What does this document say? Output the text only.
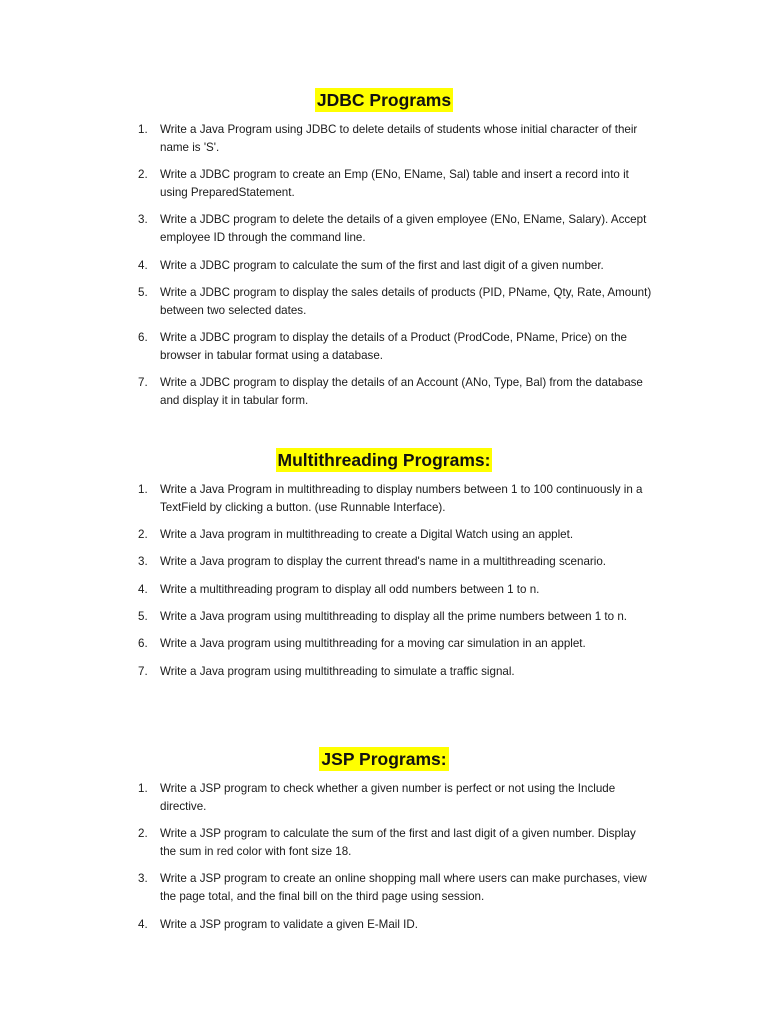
JDBC Programs
1.	Write a Java Program using JDBC to delete details of students whose initial character of their name is 'S'.
2.	Write a JDBC program to create an Emp (ENo, EName, Sal) table and insert a record into it using PreparedStatement.
3.	Write a JDBC program to delete the details of a given employee (ENo, EName, Salary). Accept employee ID through the command line.
4.	Write a JDBC program to calculate the sum of the first and last digit of a given number.
5.	Write a JDBC program to display the sales details of products (PID, PName, Qty, Rate, Amount) between two selected dates.
6.	Write a JDBC program to display the details of a Product (ProdCode, PName, Price) on the browser in tabular format using a database.
7.	Write a JDBC program to display the details of an Account (ANo, Type, Bal) from the database and display it in tabular form.
Multithreading Programs:
1.	Write a Java Program in multithreading to display numbers between 1 to 100 continuously in a TextField by clicking a button. (use Runnable Interface).
2.	Write a Java program in multithreading to create a Digital Watch using an applet.
3.	Write a Java program to display the current thread's name in a multithreading scenario.
4.	Write a multithreading program to display all odd numbers between 1 to n.
5.	Write a Java program using multithreading to display all the prime numbers between 1 to n.
6.	Write a Java program using multithreading for a moving car simulation in an applet.
7.	Write a Java program using multithreading to simulate a traffic signal.
JSP Programs:
1.	Write a JSP program to check whether a given number is perfect or not using the Include directive.
2.	Write a JSP program to calculate the sum of the first and last digit of a given number. Display the sum in red color with font size 18.
3.	Write a JSP program to create an online shopping mall where users can make purchases, view the page total, and the final bill on the third page using session.
4.	Write a JSP program to validate a given E-Mail ID.
